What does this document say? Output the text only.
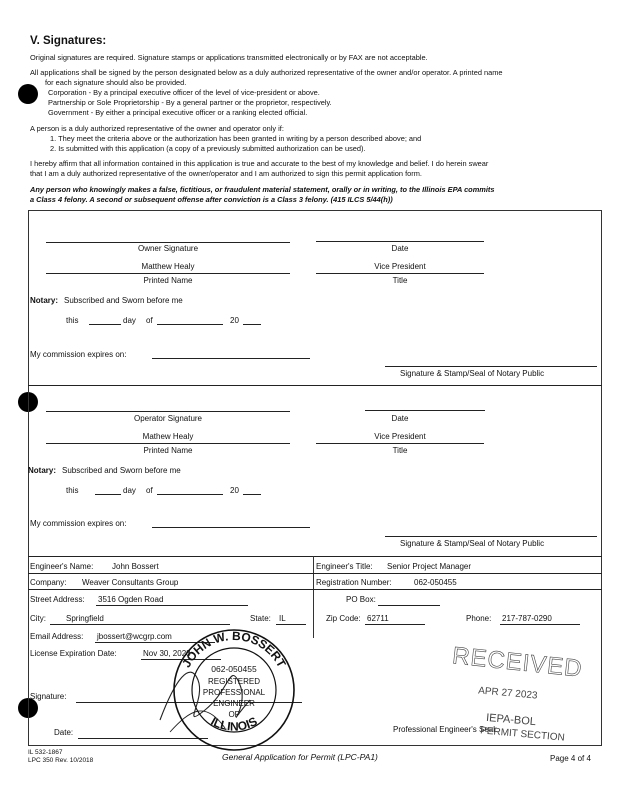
V. Signatures:
Original signatures are required. Signature stamps or applications transmitted electronically or by FAX are not acceptable.
All applications shall be signed by the person designated below as a duly authorized representative of the owner and/or operator. A printed name
for each signature should also be provided.
Corporation - By a principal executive officer of the level of vice-president or above.
Partnership or Sole Proprietorship - By a general partner or the proprietor, respectively.
Government - By either a principal executive officer or a ranking elected official.
A person is a duly authorized representative of the owner and operator only if:
1. They meet the criteria above or the authorization has been granted in writing by a person described above; and
2. Is submitted with this application (a copy of a previously submitted authorization can be used).
I hereby affirm that all information contained in this application is true and accurate to the best of my knowledge and belief. I do herein swear
that I am a duly authorized representative of the owner/operator and I am authorized to sign this permit application form.
Any person who knowingly makes a false, fictitious, or fraudulent material statement, orally or in writing, to the Illinois EPA commits
a Class 4 felony. A second or subsequent offense after conviction is a Class 3 felony. (415 ILCS 5/44(h))
Owner Signature	Date
Matthew Healy	Vice President
Printed Name	Title
Notary: Subscribed and Sworn before me
this	day of	20
My commission expires on:
Signature & Stamp/Seal of Notary Public
Operator Signature	Date
Mathew Healy	Vice President
Printed Name	Title
Notary: Subscribed and Sworn before me
this	day of	20
My commission expires on:
Signature & Stamp/Seal of Notary Public
Engineer's Name: John Bossert	Engineer's Title: Senior Project Manager
Company: Weaver Consultants Group	Registration Number:	062-050455
Street Address: 3516 Ogden Road	PO Box:
City:	Springfield	State: IL	Zip Code: 62711	Phone: 217-787-0290
Email Address: jbossert@wcgrp.com
License Expiration Date:	Nov 30, 2023
Signature:
Date:	Professional Engineer's Seal:
JOHN W. BOSSERT
ILLINOIS
062-050455
REGISTERED
PROFESSIONAL
ENGINEER
OF
RECEIVED
APR 27 2023
IEPA-BOL
PERMIT SECTION
IL 532-1867
LPC 350 Rev. 10/2018	General Application for Permit (LPC-PA1)	Page 4 of 4
